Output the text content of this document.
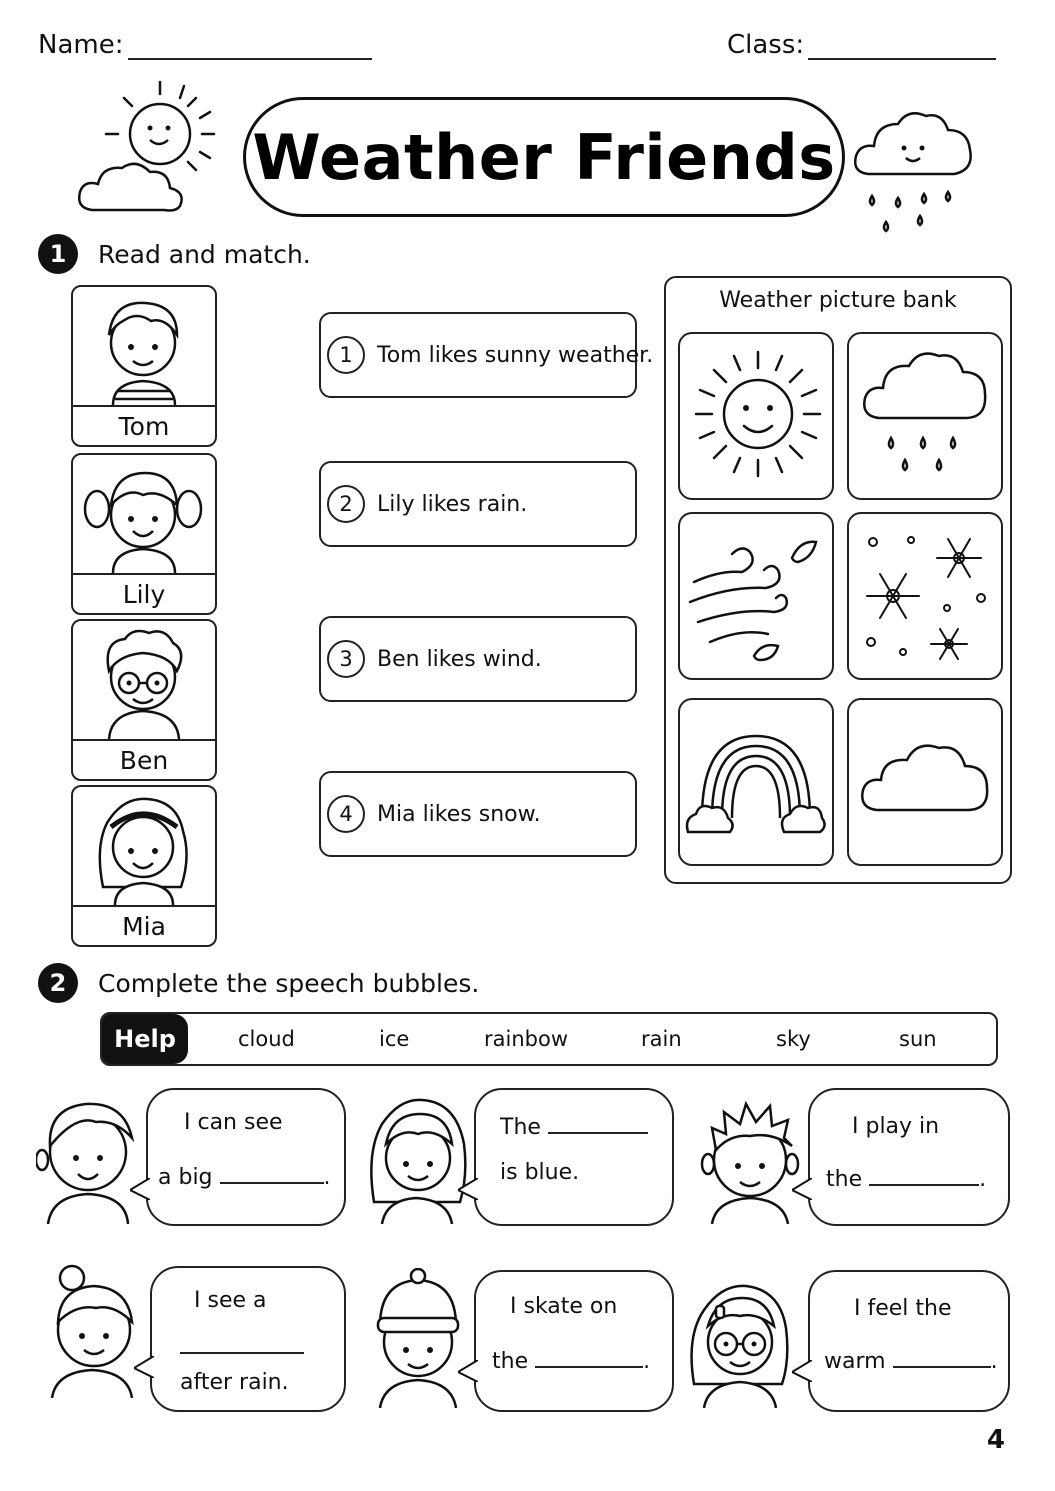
Name:	Class:
Weather Friends
1	Read and match.
Tom
Lily
Ben
Mia
1	Tom likes sunny weather.
2	Lily likes rain.
3	Ben likes wind.
4	Mia likes snow.
Weather picture bank
2	Complete the speech bubbles.
Help	cloud	ice	rainbow	rain	sky	sun
I can see
a big	.
The
is blue.
I play in
the	.
I see a
after rain.
I skate on
the	.
I feel the
warm	.
4
